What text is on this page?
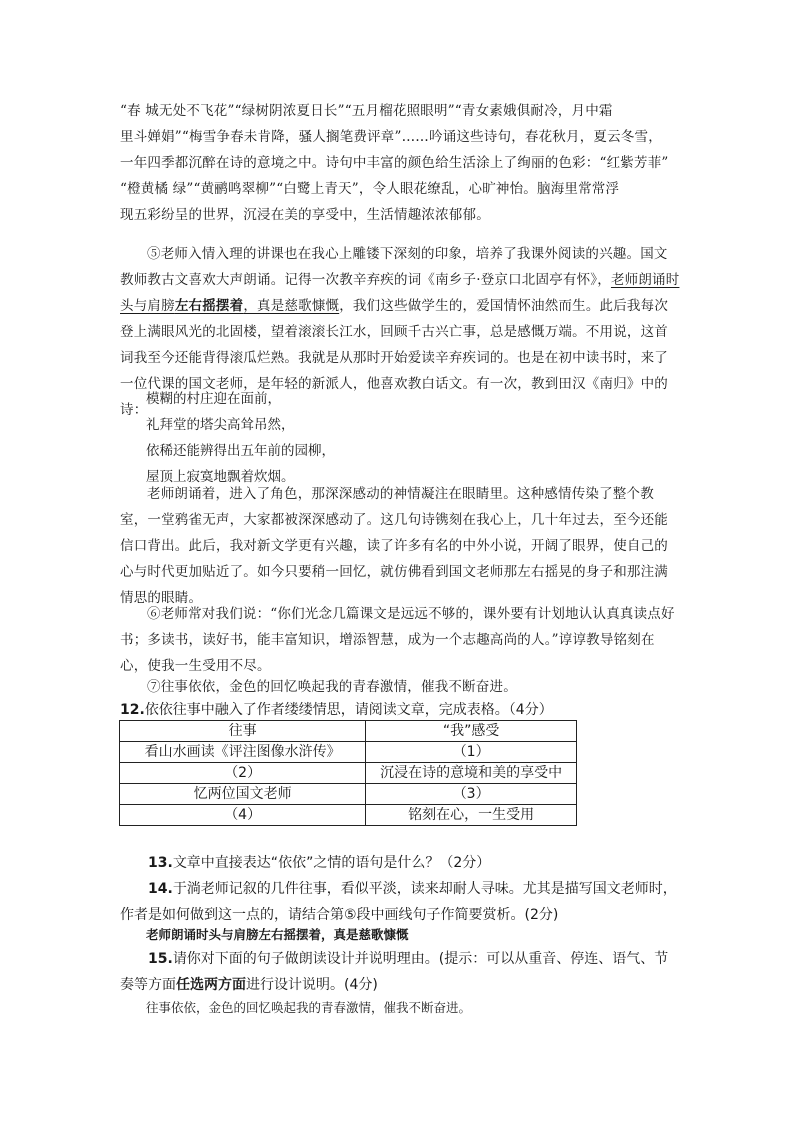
“春 城无处不飞花”“绿树阴浓夏日长”“五月榴花照眼明”“青女素娥俱耐冷，月中霜
里斗婵娟”“梅雪争春未肯降，骚人搁笔费评章”……吟诵这些诗句，春花秋月，夏云冬雪，
一年四季都沉醉在诗的意境之中。诗句中丰富的颜色给生活涂上了绚丽的色彩：“红紫芳菲”
“橙黄橘 绿”“黄鹂鸣翠柳”“白鹭上青天”，令人眼花缭乱，心旷神怡。脑海里常常浮
现五彩纷呈的世界，沉浸在美的享受中，生活情趣浓浓郁郁。
⑤老师入情入理的讲课也在我心上雕镂下深刻的印象，培养了我课外阅读的兴趣。国文教师教古文喜欢大声朗诵。记得一次教辛弃疾的词《南乡子·登京口北固亭有怀》，老师朗诵时头与肩膀左右摇摆着，真是慈歌慷慨，我们这些做学生的，爱国情怀油然而生。此后我每次登上满眼风光的北固楼，望着滚滚长江水，回顾千古兴亡事，总是感慨万端。不用说，这首词我至今还能背得滚瓜烂熟。我就是从那时开始爱读辛弃疾词的。也是在初中读书时，来了一位代课的国文老师，是年轻的新派人，他喜欢教白话文。有一次，教到田汉《南归》中的诗：
模糊的村庄迎在面前，
礼拜堂的塔尖高耸吊然，
依稀还能辨得出五年前的园柳，
屋顶上寂寞地飘着炊烟。
老师朗诵着，进入了角色，那深深感动的神情凝注在眼睛里。这种感情传染了整个教室，一堂鸦雀无声，大家都被深深感动了。这几句诗镌刻在我心上，几十年过去，至今还能信口背出。此后，我对新文学更有兴趣，读了许多有名的中外小说，开阔了眼界，使自己的心与时代更加贴近了。如今只要稍一回忆，就仿佛看到国文老师那左右摇晃的身子和那注满情思的眼睛。
⑥老师常对我们说：“你们光念几篇课文是远远不够的，课外要有计划地认认真真读点好书；多读书，读好书，能丰富知识，增添智慧，成为一个志趣高尚的人。”谆谆教导铭刻在心，使我一生受用不尽。
⑦往事依依，金色的回忆唤起我的青春激情，催我不断奋进。
12.依依往事中融入了作者缕缕情思，请阅读文章，完成表格。（4分）
往事	“我”感受
看山水画读《评注图像水浒传》	（1）
（2）	沉浸在诗的意境和美的享受中
忆两位国文老师	（3）
（4）	铭刻在心，一生受用
13.文章中直接表达“依依”之情的语句是什么？（2分）
14.于淌老师记叙的几件往事，看似平淡，读来却耐人寻味。尤其是描写国文老师时，作者是如何做到这一点的，请结合第⑤段中画线句子作简要赏析。(2分)
老师朗诵时头与肩膀左右摇摆着，真是慈歌慷慨
15.请你对下面的句子做朗读设计并说明理由。(提示：可以从重音、停连、语气、节奏等方面任选两方面进行设计说明。(4分)
往事依依，金色的回忆唤起我的青春激情，催我不断奋进。
